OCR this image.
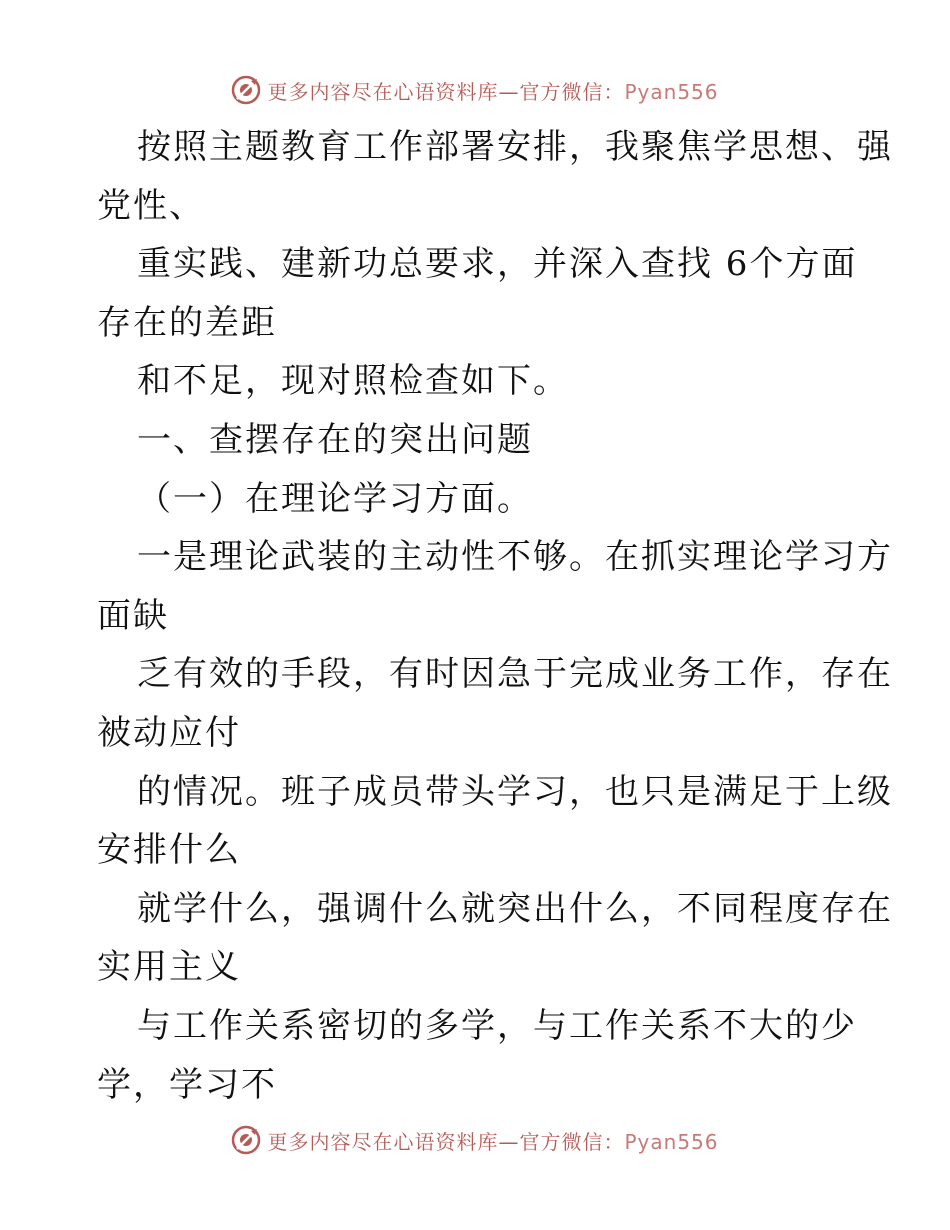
更多内容尽在心语资料库—官方微信：Pyan556
按照主题教育工作部署安排，我聚焦学思想、强
党性、
重实践、建新功总要求，并深入查找 6个方面
存在的差距
和不足，现对照检查如下。
一、查摆存在的突出问题
（一）在理论学习方面。
一是理论武装的主动性不够。在抓实理论学习方
面缺
乏有效的手段，有时因急于完成业务工作，存在
被动应付
的情况。班子成员带头学习，也只是满足于上级
安排什么
就学什么，强调什么就突出什么，不同程度存在
实用主义
与工作关系密切的多学，与工作关系不大的少
学，学习不
更多内容尽在心语资料库—官方微信：Pyan556
